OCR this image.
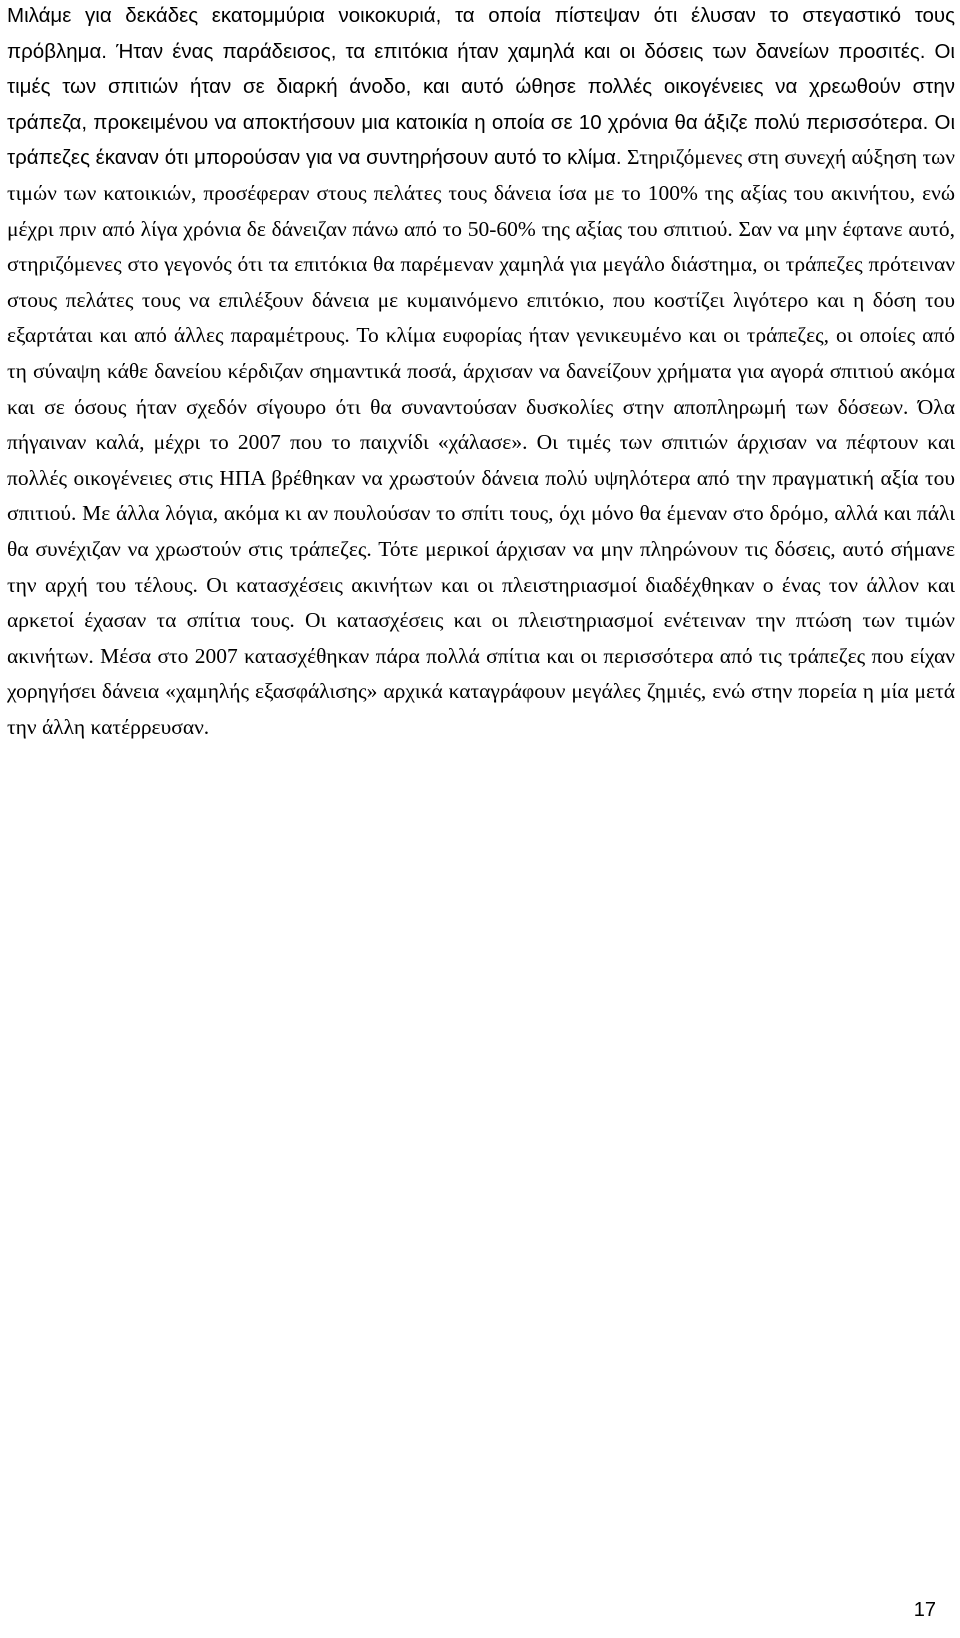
Μιλάμε για δεκάδες εκατομμύρια νοικοκυριά, τα οποία πίστεψαν ότι έλυσαν το στεγαστικό τους πρόβλημα. Ήταν ένας παράδεισος, τα επιτόκια ήταν χαμηλά και οι δόσεις των δανείων προσιτές. Οι τιμές των σπιτιών ήταν σε διαρκή άνοδο, και αυτό ώθησε πολλές οικογένειες να χρεωθούν στην τράπεζα, προκειμένου να αποκτήσουν μια κατοικία η οποία σε 10 χρόνια θα άξιζε πολύ περισσότερα. Οι τράπεζες έκαναν ότι μπορούσαν για να συντηρήσουν αυτό το κλίμα. Στηριζόμενες στη συνεχή αύξηση των τιμών των κατοικιών, προσέφεραν στους πελάτες τους δάνεια ίσα με το 100% της αξίας του ακινήτου, ενώ μέχρι πριν από λίγα χρόνια δε δάνειζαν πάνω από το 50-60% της αξίας του σπιτιού. Σαν να μην έφτανε αυτό, στηριζόμενες στο γεγονός ότι τα επιτόκια θα παρέμεναν χαμηλά για μεγάλο διάστημα, οι τράπεζες πρότειναν στους πελάτες τους να επιλέξουν δάνεια με κυμαινόμενο επιτόκιο, που κοστίζει λιγότερο και η δόση του εξαρτάται και από άλλες παραμέτρους. Το κλίμα ευφορίας ήταν γενικευμένο και οι τράπεζες, οι οποίες από τη σύναψη κάθε δανείου κέρδιζαν σημαντικά ποσά, άρχισαν να δανείζουν χρήματα για αγορά σπιτιού ακόμα και σε όσους ήταν σχεδόν σίγουρο ότι θα συναντούσαν δυσκολίες στην αποπληρωμή των δόσεων. Όλα πήγαιναν καλά, μέχρι το 2007 που το παιχνίδι «χάλασε». Οι τιμές των σπιτιών άρχισαν να πέφτουν και πολλές οικογένειες στις ΗΠΑ βρέθηκαν να χρωστούν δάνεια πολύ υψηλότερα από την πραγματική αξία του σπιτιού. Με άλλα λόγια, ακόμα κι αν πουλούσαν το σπίτι τους, όχι μόνο θα έμεναν στο δρόμο, αλλά και πάλι θα συνέχιζαν να χρωστούν στις τράπεζες. Τότε μερικοί άρχισαν να μην πληρώνουν τις δόσεις, αυτό σήμανε την αρχή του τέλους. Οι κατασχέσεις ακινήτων και οι πλειστηριασμοί διαδέχθηκαν ο ένας τον άλλον και αρκετοί έχασαν τα σπίτια τους. Οι κατασχέσεις και οι πλειστηριασμοί ενέτειναν την πτώση των τιμών ακινήτων. Μέσα στο 2007 κατασχέθηκαν πάρα πολλά σπίτια και οι περισσότερα από τις τράπεζες που είχαν χορηγήσει δάνεια «χαμηλής εξασφάλισης» αρχικά καταγράφουν μεγάλες ζημιές, ενώ στην πορεία η μία μετά την άλλη κατέρρευσαν.

17
